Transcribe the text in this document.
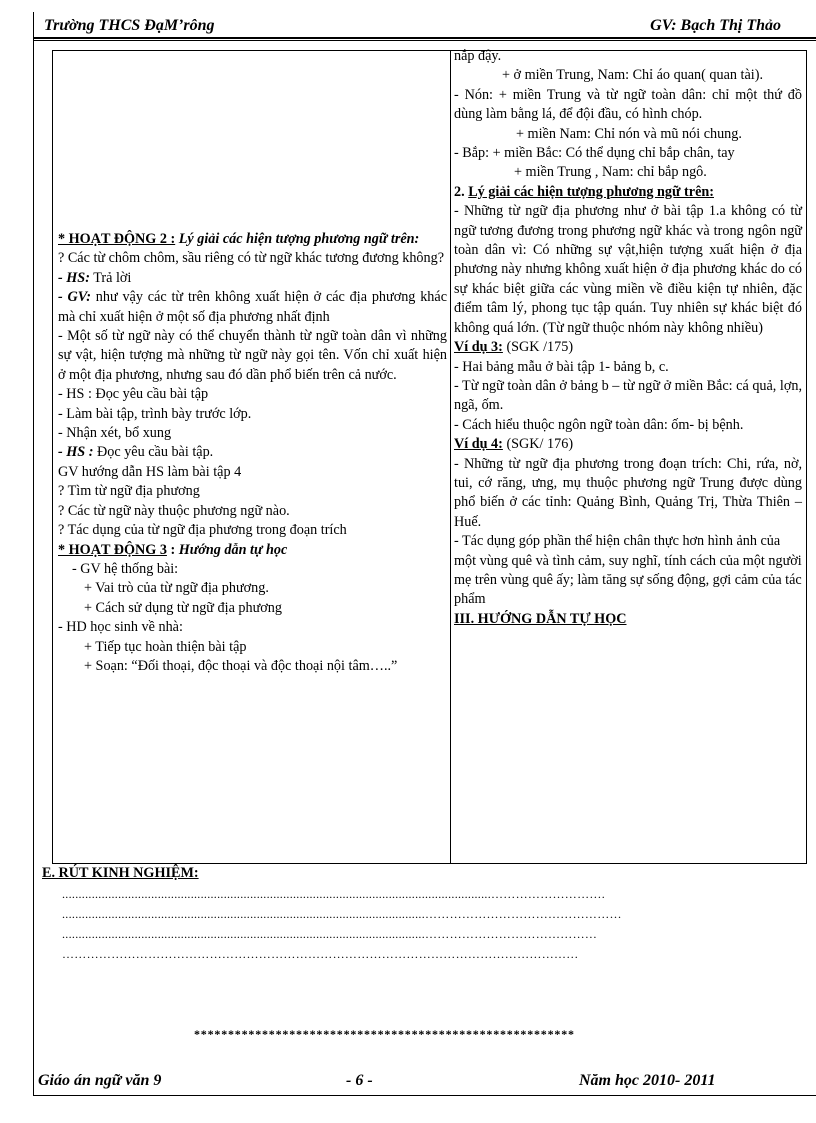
Trường THCS ĐạM’rông	GV: Bạch Thị Thảo

* HOẠT ĐỘNG 2 : Lý giải các hiện tượng phương ngữ trên:

? Các từ chôm chôm, sầu riêng có từ ngữ khác tương đương không?

- HS: Trả lời

- GV: như vậy các từ trên không xuất hiện ở các địa phương khác mà chỉ xuất hiện ở một số địa phương nhất định

- Một số từ ngữ này có thể chuyển thành từ ngữ toàn dân vì những sự vật, hiện tượng mà những từ ngữ này gọi tên. Vốn chỉ xuất hiện ở một địa phương, nhưng sau đó dần phổ biến trên cả nước.

- HS : Đọc yêu cầu bài tập

- Làm bài tập, trình bày trước lớp.

- Nhận xét, bổ xung

- HS : Đọc yêu cầu bài tập.

GV hướng dẫn HS làm bài tập 4

? Tìm từ ngữ địa phương

? Các từ ngữ này thuộc phương ngữ nào.

? Tác dụng của từ ngữ địa phương trong đoạn trích

* HOẠT ĐỘNG 3 : Hướng dẫn tự học

- GV hệ thống bài:

+ Vai trò của từ ngữ địa phương.

+ Cách sử dụng từ ngữ địa phương

- HD học sinh về nhà:

+ Tiếp tục hoàn thiện bài tập

+ Soạn: “Đối thoại, độc thoại và độc thoại nội tâm…..”

nắp đậy.

+ ở miền Trung, Nam: Chỉ áo quan( quan tài).

- Nón: + miền Trung và từ ngữ toàn dân: chỉ một thứ đồ dùng làm bằng lá, để đội đầu, có hình chóp.

+ miền Nam: Chỉ nón và mũ nói chung.

- Bắp: + miền Bắc: Có thể dụng chỉ bắp chân, tay

+ miền Trung , Nam: chỉ bắp ngô.

2. Lý giải các hiện tượng phương ngữ trên:

- Những từ ngữ địa phương như ở bài tập 1.a không có từ ngữ tương đương trong phương ngữ khác và trong ngôn ngữ toàn dân vì: Có những sự vật,hiện tượng xuất hiện ở địa phương này nhưng không xuất hiện ở địa phương khác do có sự khác biệt giữa các vùng miền về điều kiện tự nhiên, đặc điểm tâm lý, phong tục tập quán. Tuy nhiên sự khác biệt đó không quá lớn. (Từ ngữ thuộc nhóm này không nhiều)

Ví dụ 3: (SGK /175)

- Hai bảng mẫu ở bài tập 1- bảng b, c.

- Từ ngữ toàn dân ở bảng b – từ ngữ ở miền Bắc: cá quả, lợn, ngã, ốm.

- Cách hiểu thuộc ngôn ngữ toàn dân: ốm- bị bệnh.

Ví dụ 4: (SGK/ 176)

- Những từ ngữ địa phương trong đoạn trích: Chi, rứa, nờ, tui, cớ răng, ưng, mụ thuộc phương ngữ Trung được dùng phổ biến ở các tỉnh: Quảng Bình, Quảng Trị, Thừa Thiên – Huế.

- Tác dụng góp phần thể hiện chân thực hơn hình ảnh của một vùng quê và tình cảm, suy nghĩ, tính cách của một người mẹ trên vùng quê ấy; làm tăng sự sống động, gợi cảm của tác phẩm

III. HƯỚNG DẪN TỰ HỌC

E. RÚT KINH NGHIỆM:
..................................................................................................................................……………………….
..............................................................................................................…………………………………………
..............................................................................................................……………………………………
………………………………………………………………………………………………………………
********************************************************
Giáo án ngữ văn 9	- 6 -	Năm học 2010- 2011
